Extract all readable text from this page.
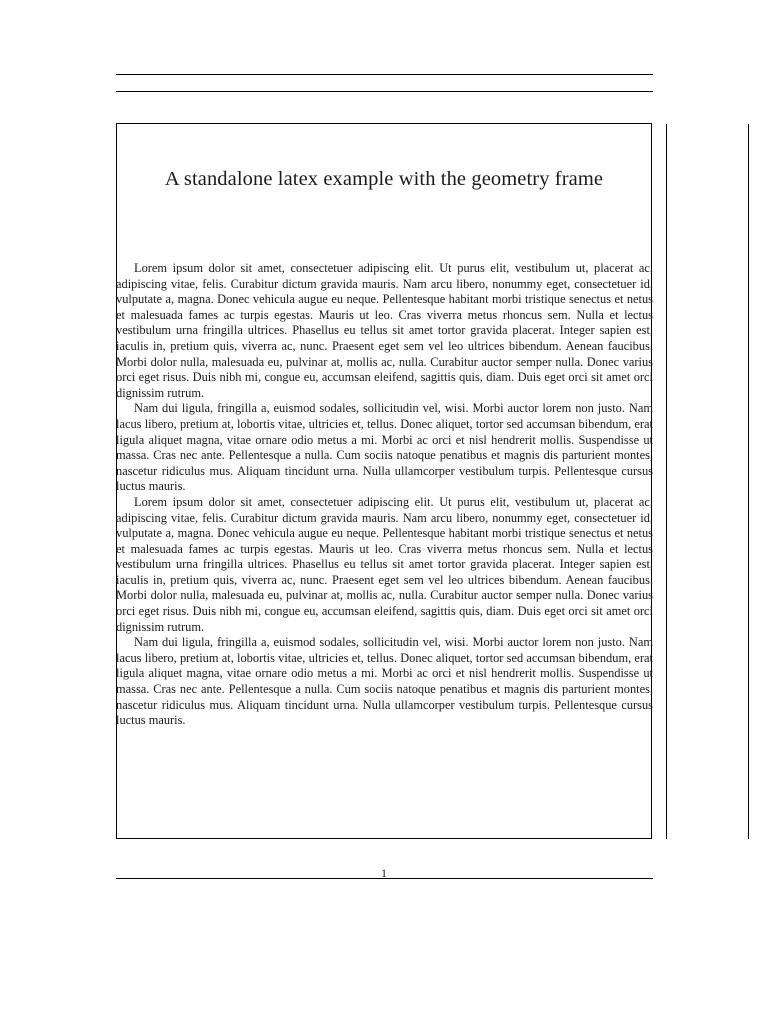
A standalone latex example with the geometry frame

Lorem ipsum dolor sit amet, consectetuer adipiscing elit. Ut purus elit, vestibulum ut, placerat ac, adipiscing vitae, felis. Curabitur dictum gravida mauris. Nam arcu libero, nonummy eget, consectetuer id, vulputate a, magna. Donec vehicula augue eu neque. Pellentesque habitant morbi tristique senectus et netus et malesuada fames ac turpis egestas. Mauris ut leo. Cras viverra metus rhoncus sem. Nulla et lectus vestibulum urna fringilla ultrices. Phasellus eu tellus sit amet tortor gravida placerat. Integer sapien est, iaculis in, pretium quis, viverra ac, nunc. Praesent eget sem vel leo ultrices bibendum. Aenean faucibus. Morbi dolor nulla, malesuada eu, pulvinar at, mollis ac, nulla. Curabitur auctor semper nulla. Donec varius orci eget risus. Duis nibh mi, congue eu, accumsan eleifend, sagittis quis, diam. Duis eget orci sit amet orci dignissim rutrum.

Nam dui ligula, fringilla a, euismod sodales, sollicitudin vel, wisi. Morbi auctor lorem non justo. Nam lacus libero, pretium at, lobortis vitae, ultricies et, tellus. Donec aliquet, tortor sed accumsan bibendum, erat ligula aliquet magna, vitae ornare odio metus a mi. Morbi ac orci et nisl hendrerit mollis. Suspendisse ut massa. Cras nec ante. Pellentesque a nulla. Cum sociis natoque penatibus et magnis dis parturient montes, nascetur ridiculus mus. Aliquam tincidunt urna. Nulla ullamcorper vestibulum turpis. Pellentesque cursus luctus mauris.

Lorem ipsum dolor sit amet, consectetuer adipiscing elit. Ut purus elit, vestibulum ut, placerat ac, adipiscing vitae, felis. Curabitur dictum gravida mauris. Nam arcu libero, nonummy eget, consectetuer id, vulputate a, magna. Donec vehicula augue eu neque. Pellentesque habitant morbi tristique senectus et netus et malesuada fames ac turpis egestas. Mauris ut leo. Cras viverra metus rhoncus sem. Nulla et lectus vestibulum urna fringilla ultrices. Phasellus eu tellus sit amet tortor gravida placerat. Integer sapien est, iaculis in, pretium quis, viverra ac, nunc. Praesent eget sem vel leo ultrices bibendum. Aenean faucibus. Morbi dolor nulla, malesuada eu, pulvinar at, mollis ac, nulla. Curabitur auctor semper nulla. Donec varius orci eget risus. Duis nibh mi, congue eu, accumsan eleifend, sagittis quis, diam. Duis eget orci sit amet orci dignissim rutrum.

Nam dui ligula, fringilla a, euismod sodales, sollicitudin vel, wisi. Morbi auctor lorem non justo. Nam lacus libero, pretium at, lobortis vitae, ultricies et, tellus. Donec aliquet, tortor sed accumsan bibendum, erat ligula aliquet magna, vitae ornare odio metus a mi. Morbi ac orci et nisl hendrerit mollis. Suspendisse ut massa. Cras nec ante. Pellentesque a nulla. Cum sociis natoque penatibus et magnis dis parturient montes, nascetur ridiculus mus. Aliquam tincidunt urna. Nulla ullamcorper vestibulum turpis. Pellentesque cursus luctus mauris.

1
